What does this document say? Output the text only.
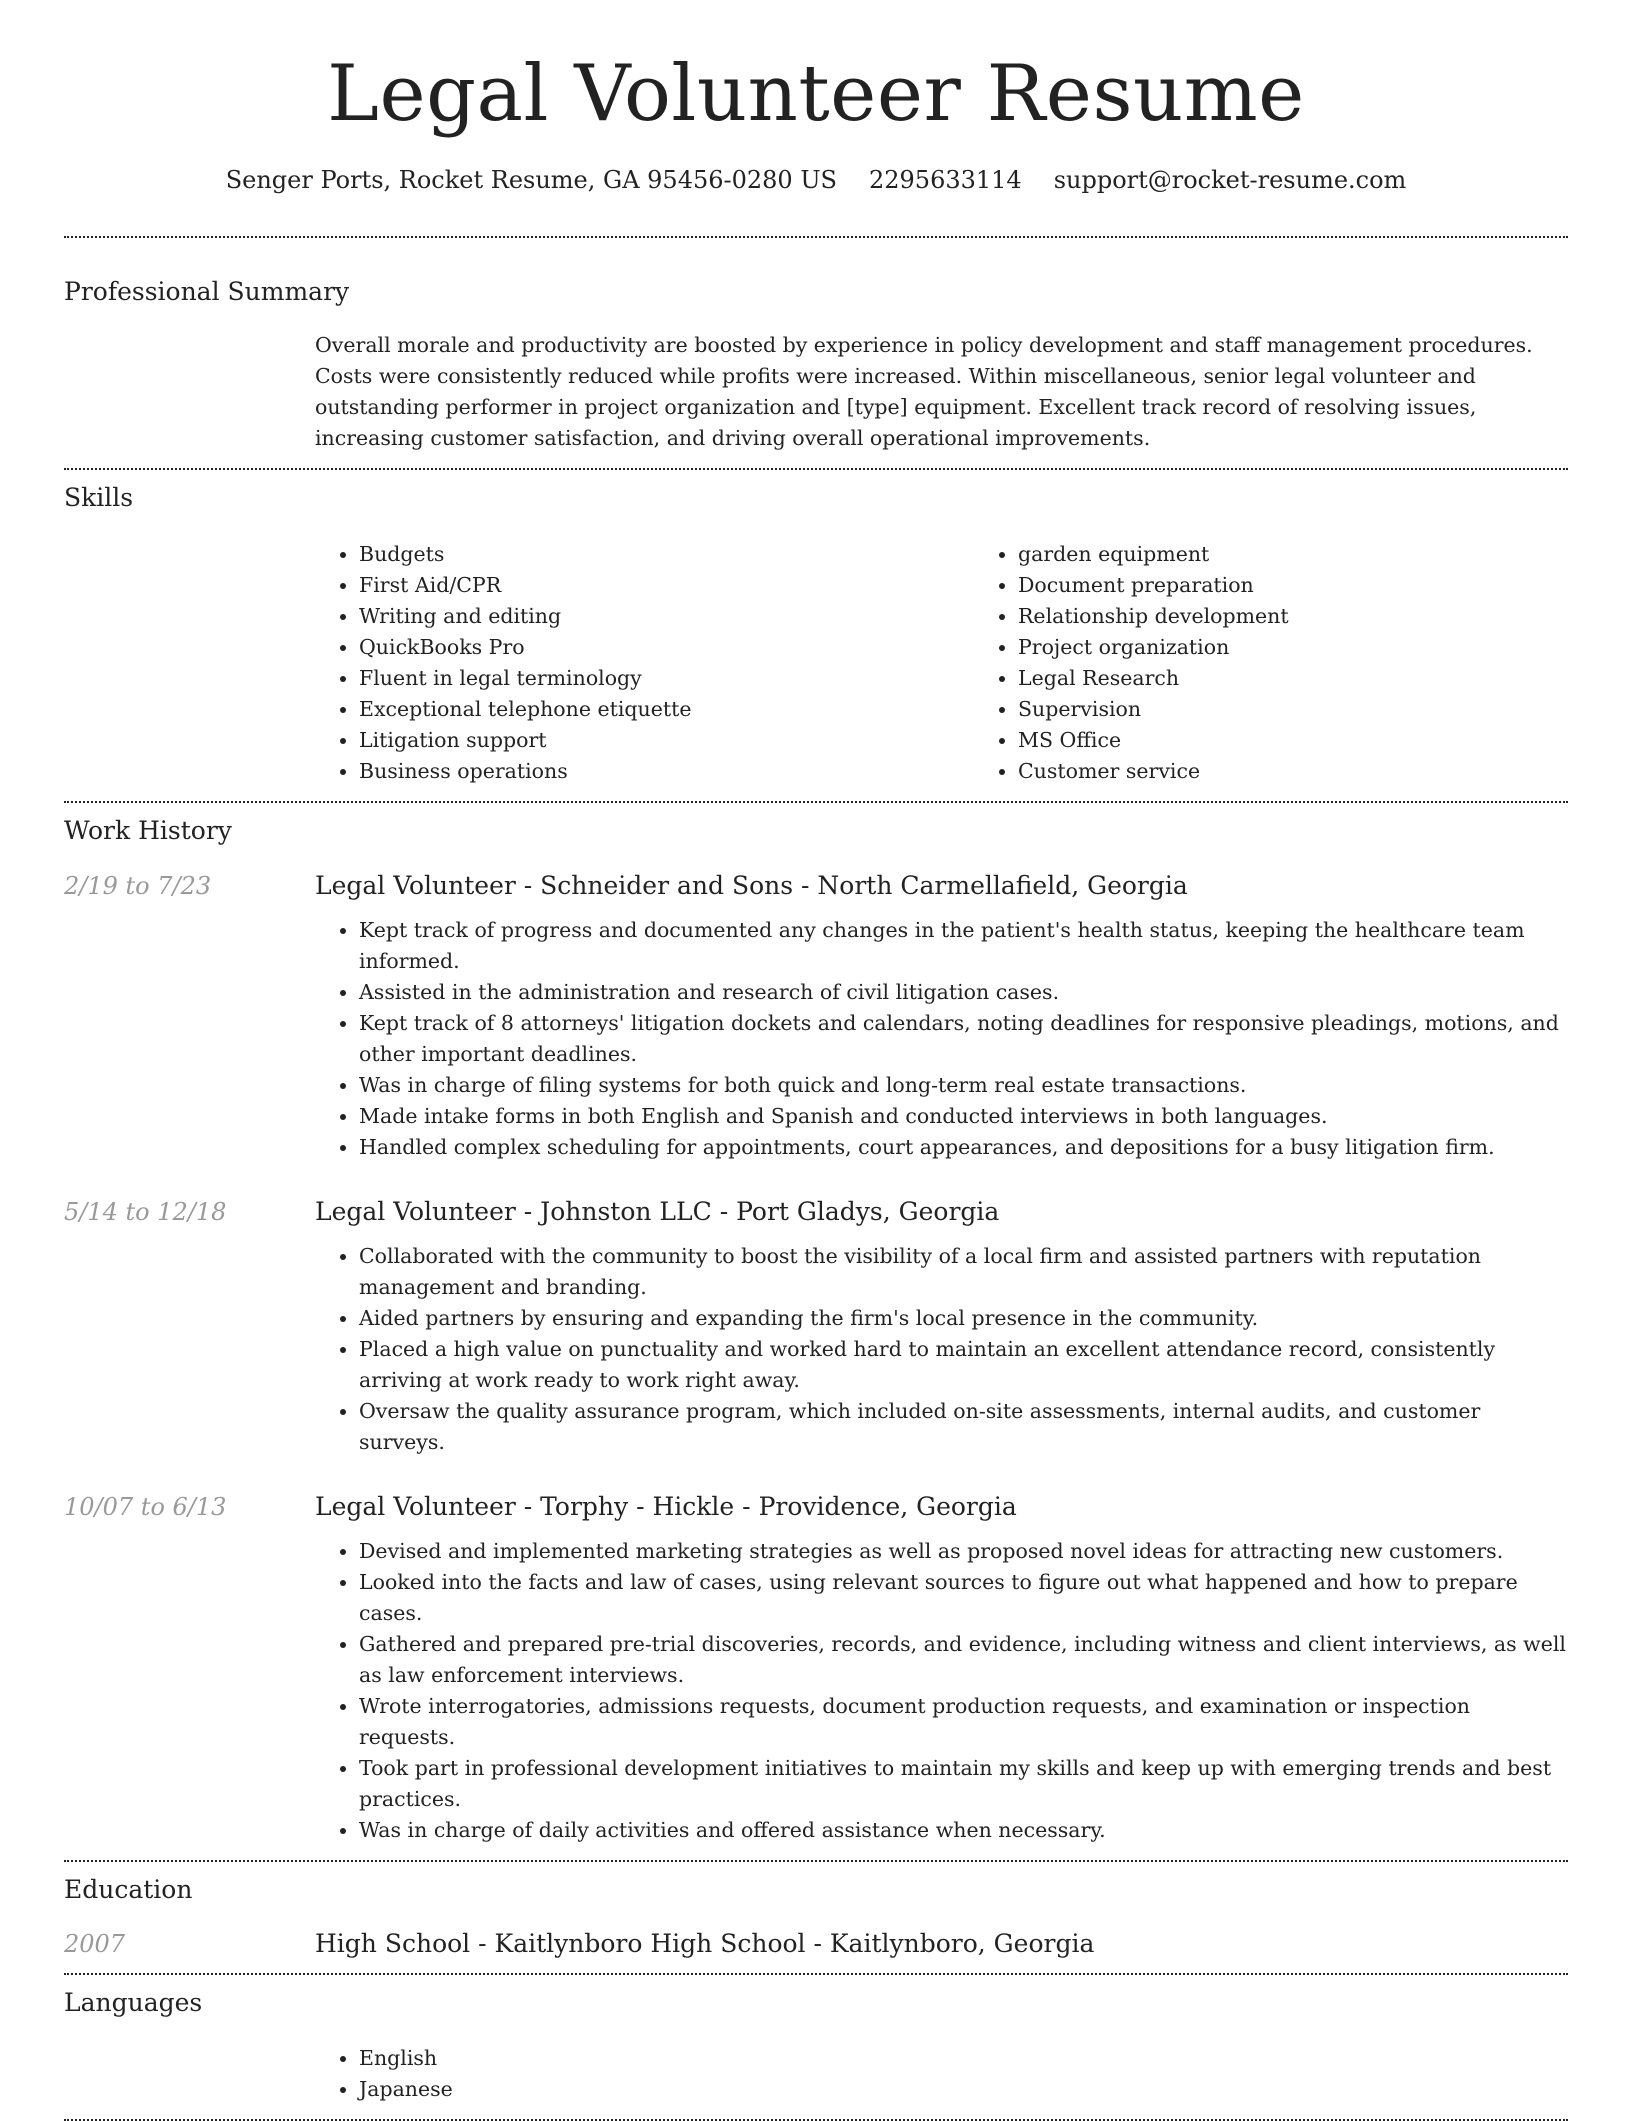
Legal Volunteer Resume
Senger Ports, Rocket Resume, GA 95456-0280 US 2295633114 support@rocket-resume.com
Professional Summary

Overall morale and productivity are boosted by experience in policy development and staff management procedures. Costs were consistently reduced while profits were increased. Within miscellaneous, senior legal volunteer and outstanding performer in project organization and [type] equipment. Excellent track record of resolving issues, increasing customer satisfaction, and driving overall operational improvements.

Skills
• Budgets
• First Aid/CPR
• Writing and editing
• QuickBooks Pro
• Fluent in legal terminology
• Exceptional telephone etiquette
• Litigation support
• Business operations
• garden equipment
• Document preparation
• Relationship development
• Project organization
• Legal Research
• Supervision
• MS Office
• Customer service
Work History
2/19 to 7/23	Legal Volunteer - Schneider and Sons - North Carmellafield, Georgia
• Kept track of progress and documented any changes in the patient's health status, keeping the healthcare team informed.
• Assisted in the administration and research of civil litigation cases.
• Kept track of 8 attorneys' litigation dockets and calendars, noting deadlines for responsive pleadings, motions, and other important deadlines.
• Was in charge of filing systems for both quick and long-term real estate transactions.
• Made intake forms in both English and Spanish and conducted interviews in both languages.
• Handled complex scheduling for appointments, court appearances, and depositions for a busy litigation firm.
5/14 to 12/18	Legal Volunteer - Johnston LLC - Port Gladys, Georgia
• Collaborated with the community to boost the visibility of a local firm and assisted partners with reputation management and branding.
• Aided partners by ensuring and expanding the firm's local presence in the community.
• Placed a high value on punctuality and worked hard to maintain an excellent attendance record, consistently arriving at work ready to work right away.
• Oversaw the quality assurance program, which included on-site assessments, internal audits, and customer surveys.
10/07 to 6/13	Legal Volunteer - Torphy - Hickle - Providence, Georgia
• Devised and implemented marketing strategies as well as proposed novel ideas for attracting new customers.
• Looked into the facts and law of cases, using relevant sources to figure out what happened and how to prepare cases.
• Gathered and prepared pre-trial discoveries, records, and evidence, including witness and client interviews, as well as law enforcement interviews.
• Wrote interrogatories, admissions requests, document production requests, and examination or inspection requests.
• Took part in professional development initiatives to maintain my skills and keep up with emerging trends and best practices.
• Was in charge of daily activities and offered assistance when necessary.
Education
2007	High School - Kaitlynboro High School - Kaitlynboro, Georgia
Languages
• English
• Japanese
